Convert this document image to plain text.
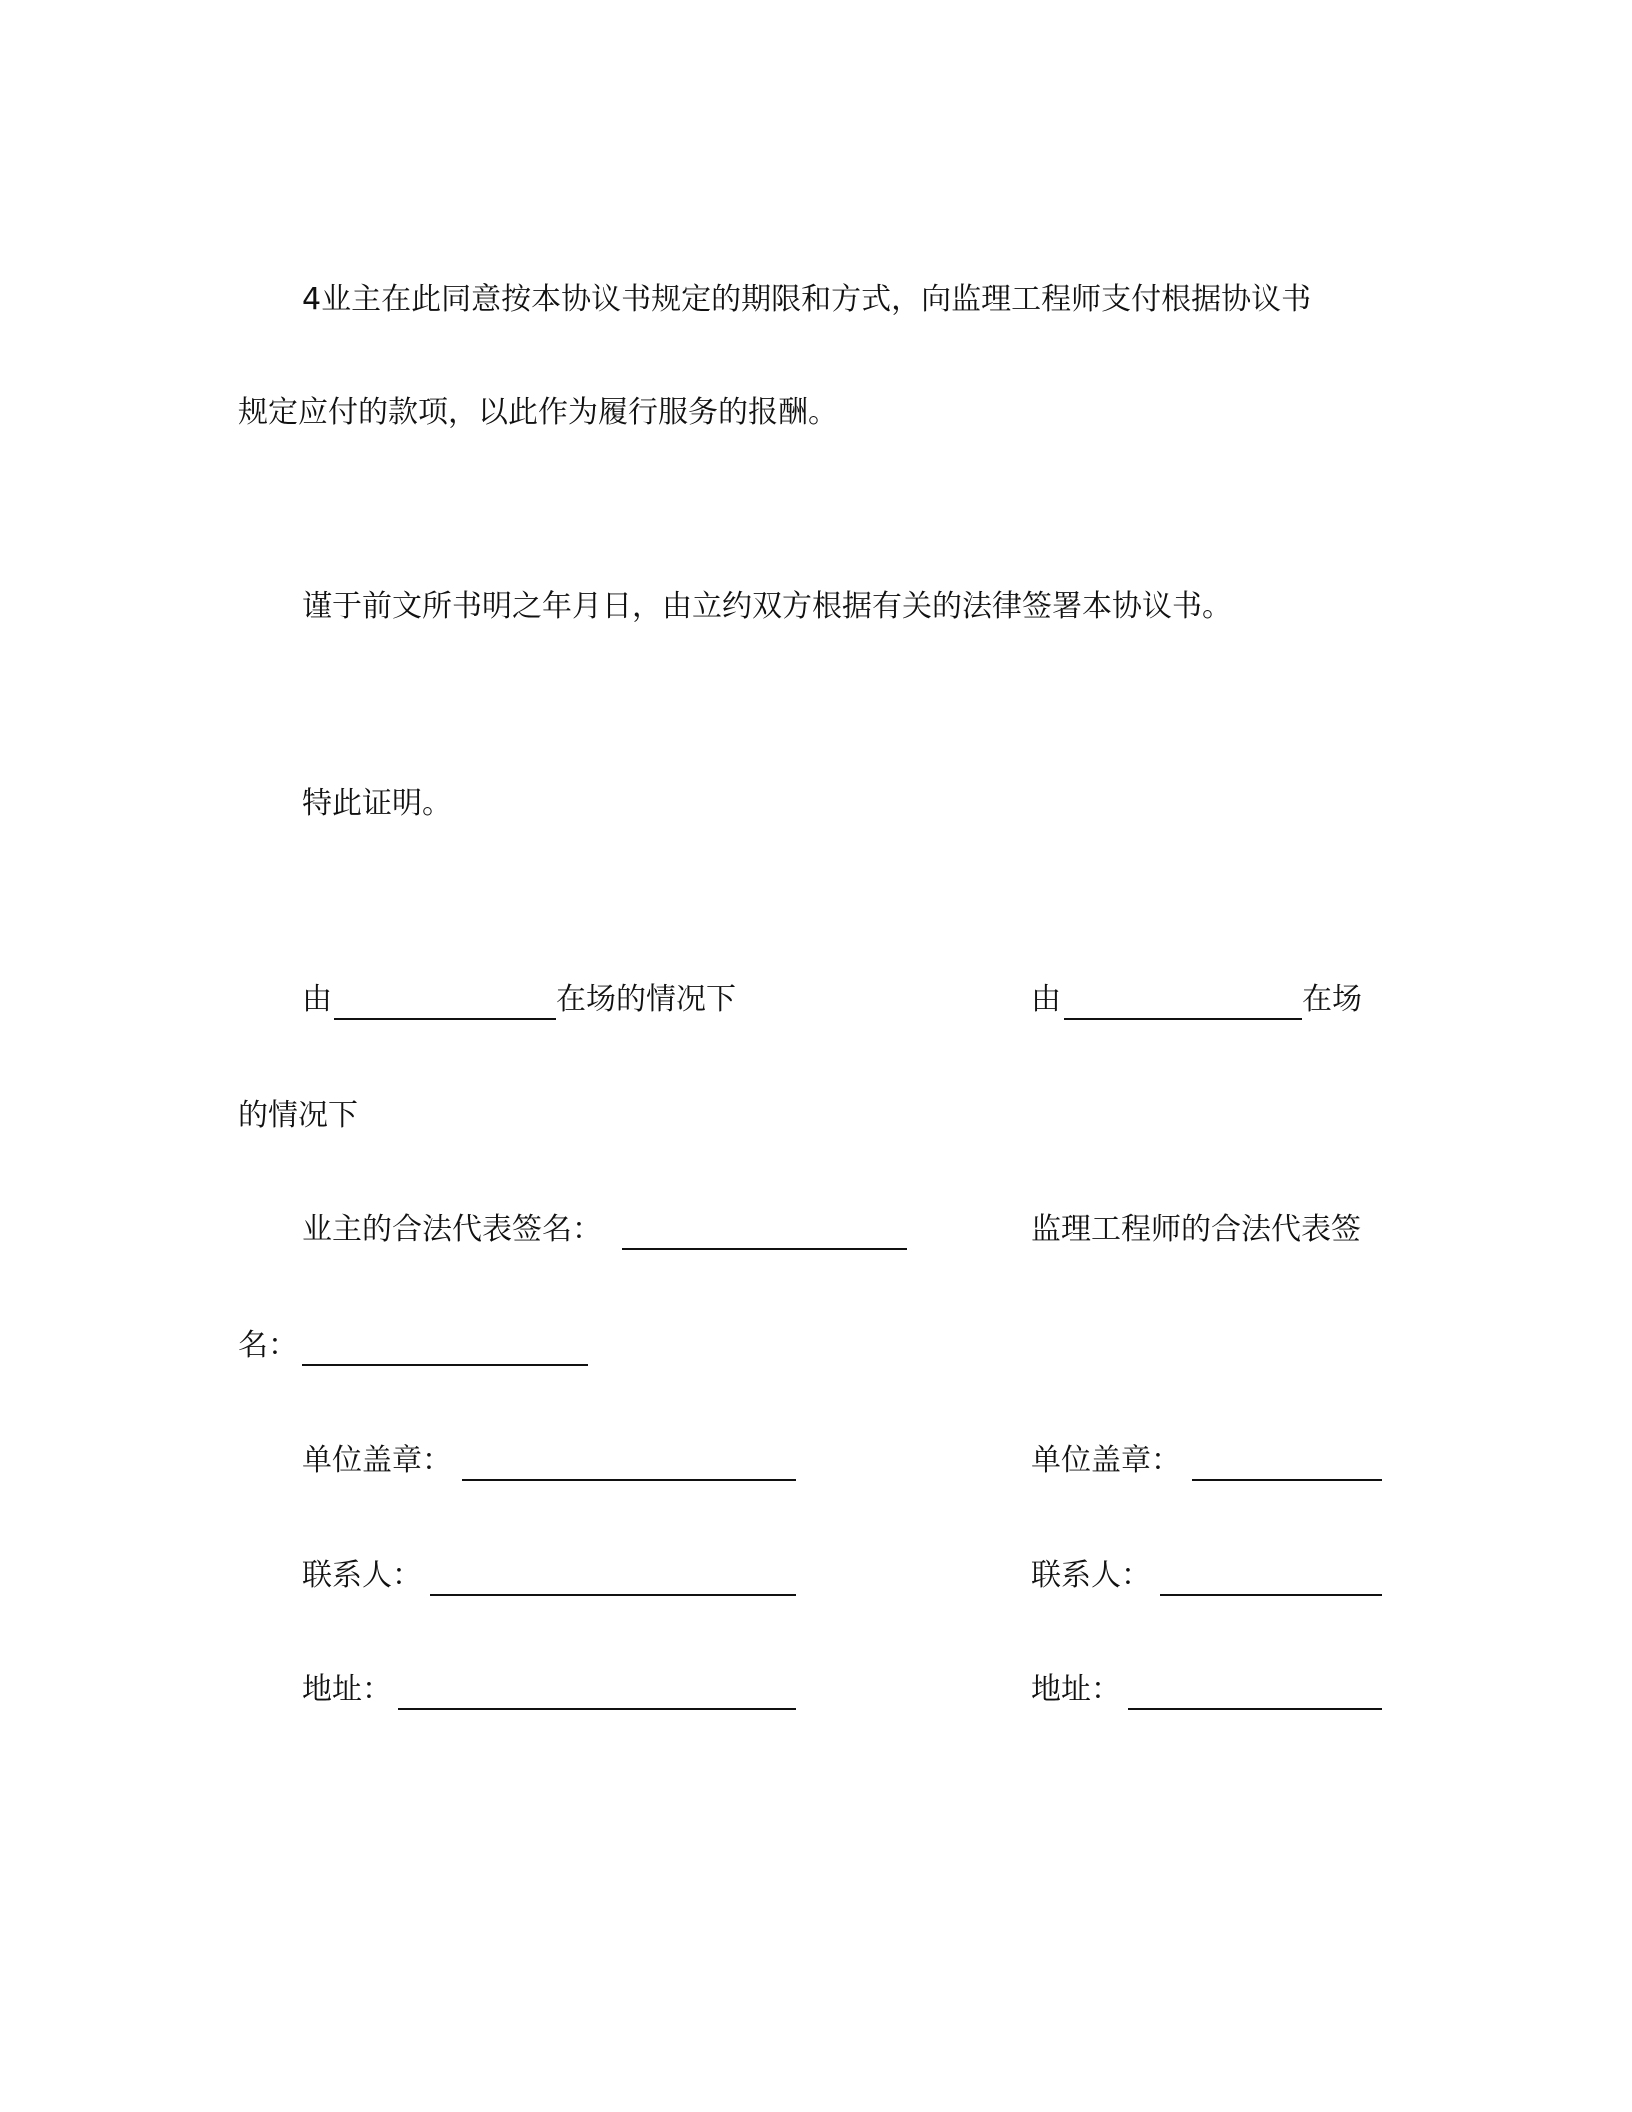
4业主在此同意按本协议书规定的期限和方式，向监理工程师支付根据协议书

规定应付的款项，以此作为履行服务的报酬。

谨于前文所书明之年月日，由立约双方根据有关的法律签署本协议书。

特此证明。

由	在场的情况下	由	在场
的情况下
业主的合法代表签名：	监理工程师的合法代表签
名：
单位盖章：	单位盖章：
联系人：	联系人：
地址：	地址：
